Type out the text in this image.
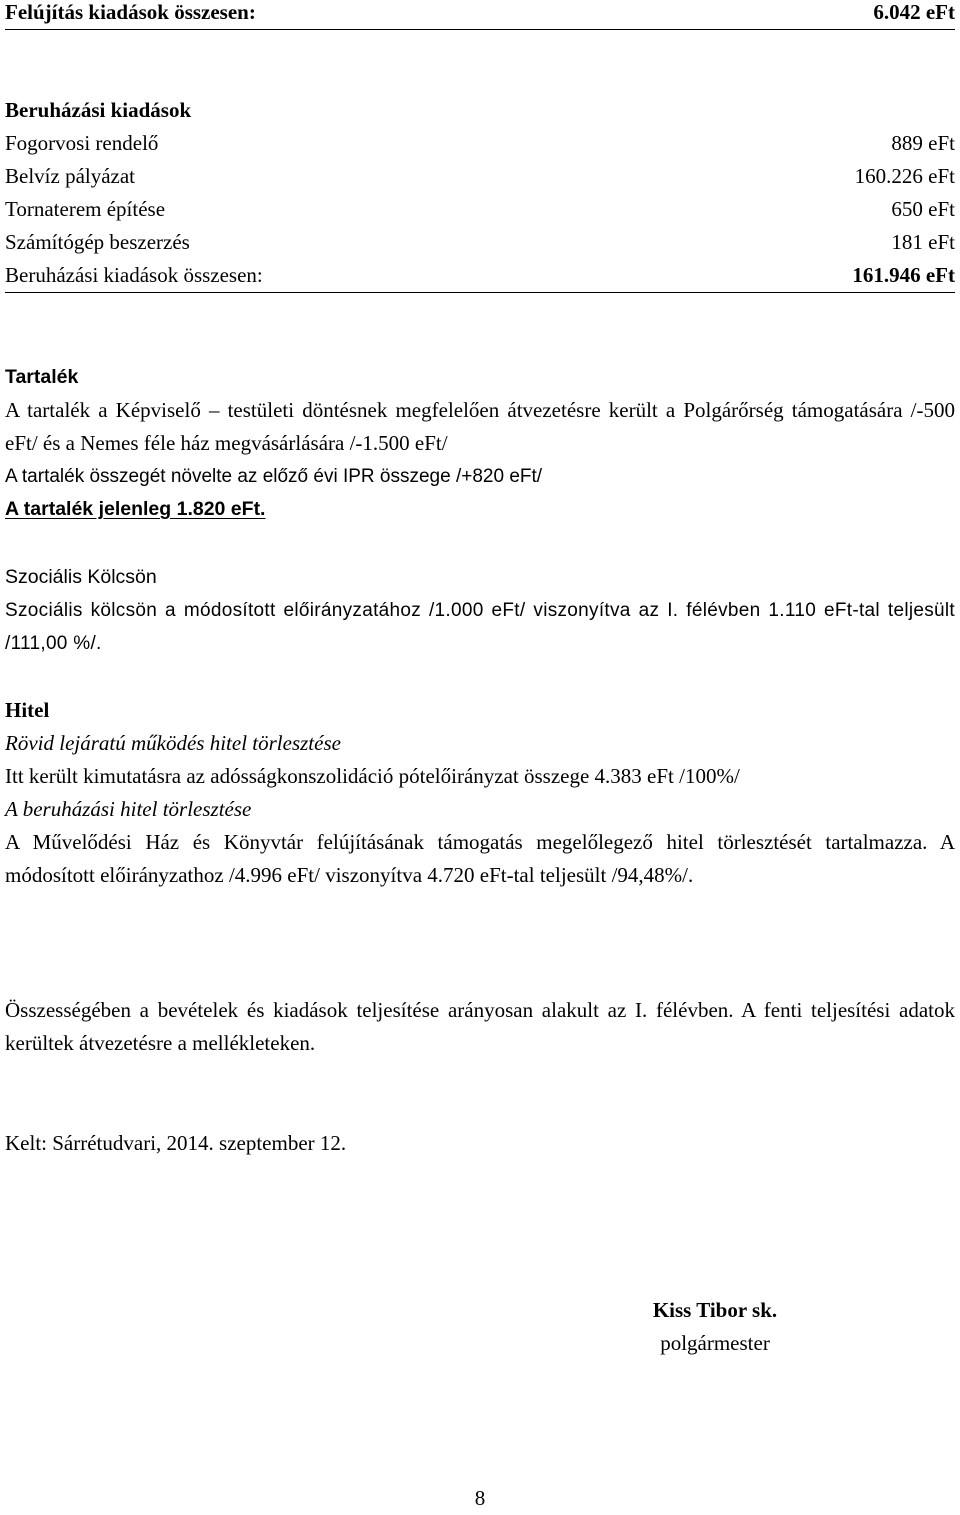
Felújítás kiadások összesen:	6.042 eFt
Beruházási kiadások
Fogorvosi rendelő	889 eFt
Belvíz pályázat	160.226 eFt
Tornaterem építése	650 eFt
Számítógép beszerzés	181 eFt
Beruházási kiadások összesen:	161.946 eFt

Tartalék

A tartalék a Képviselő – testületi döntésnek megfelelően átvezetésre került a Polgárőrség támogatására /-500 eFt/ és a Nemes féle ház megvásárlására /-1.500 eFt/

A tartalék összegét növelte az előző évi IPR összege /+820 eFt/

A tartalék jelenleg 1.820 eFt.

Szociális Kölcsön

Szociális kölcsön a módosított előirányzatához /1.000 eFt/ viszonyítva az I. félévben 1.110 eFt-tal teljesült /111,00 %/.

Hitel

Rövid lejáratú működés hitel törlesztése

Itt került kimutatásra az adósságkonszolidáció pótelőirányzat összege 4.383 eFt /100%/

A beruházási hitel törlesztése

A Művelődési Ház és Könyvtár felújításának támogatás megelőlegező hitel törlesztését tartalmazza. A módosított előirányzathoz /4.996 eFt/ viszonyítva 4.720 eFt-tal teljesült /94,48%/.

Összességében a bevételek és kiadások teljesítése arányosan alakult az I. félévben. A fenti teljesítési adatok kerültek átvezetésre a mellékleteken.

Kelt: Sárrétudvari, 2014. szeptember 12.

Kiss Tibor sk.

polgármester

8
